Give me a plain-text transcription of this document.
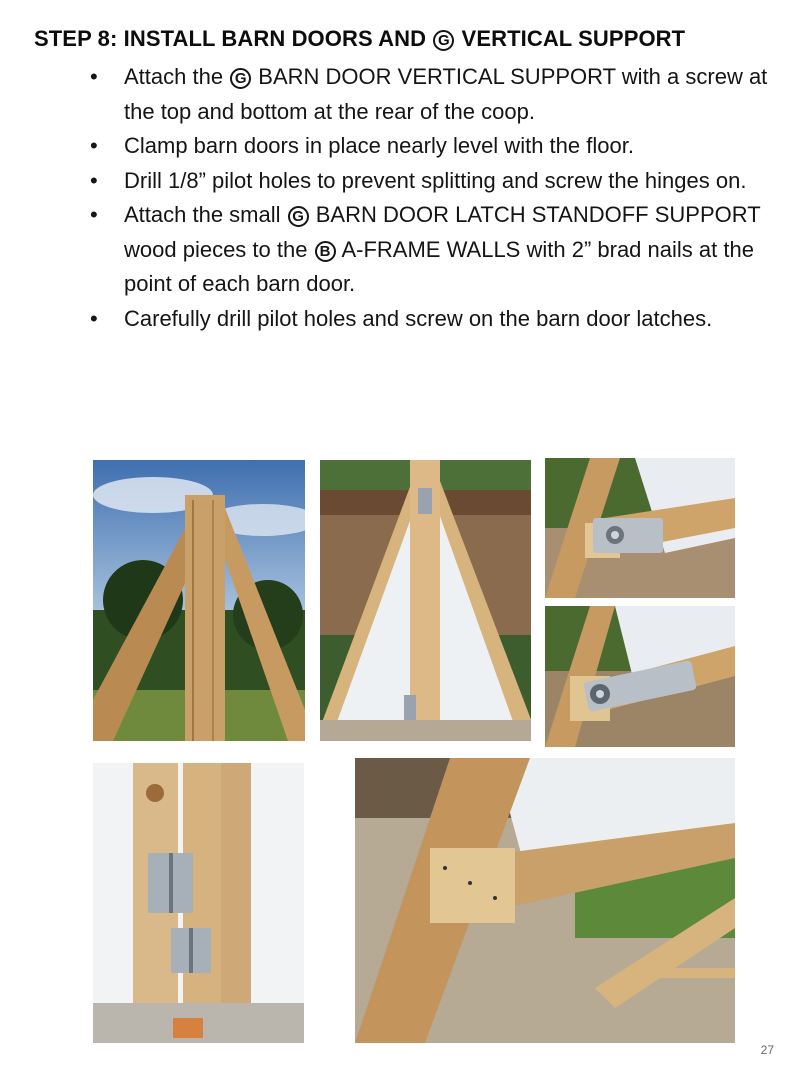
STEP 8: INSTALL BARN DOORS AND G VERTICAL SUPPORT
• Attach the G BARN DOOR VERTICAL SUPPORT with a screw at the top and bottom at the rear of the coop.
• Clamp barn doors in place nearly level with the floor.
• Drill 1/8” pilot holes to prevent splitting and screw the hinges on.
• Attach the small G BARN DOOR LATCH STANDOFF SUPPORT wood pieces to the B A-FRAME WALLS with 2” brad nails at the point of each barn door.
• Carefully drill pilot holes and screw on the barn door latches.
27
